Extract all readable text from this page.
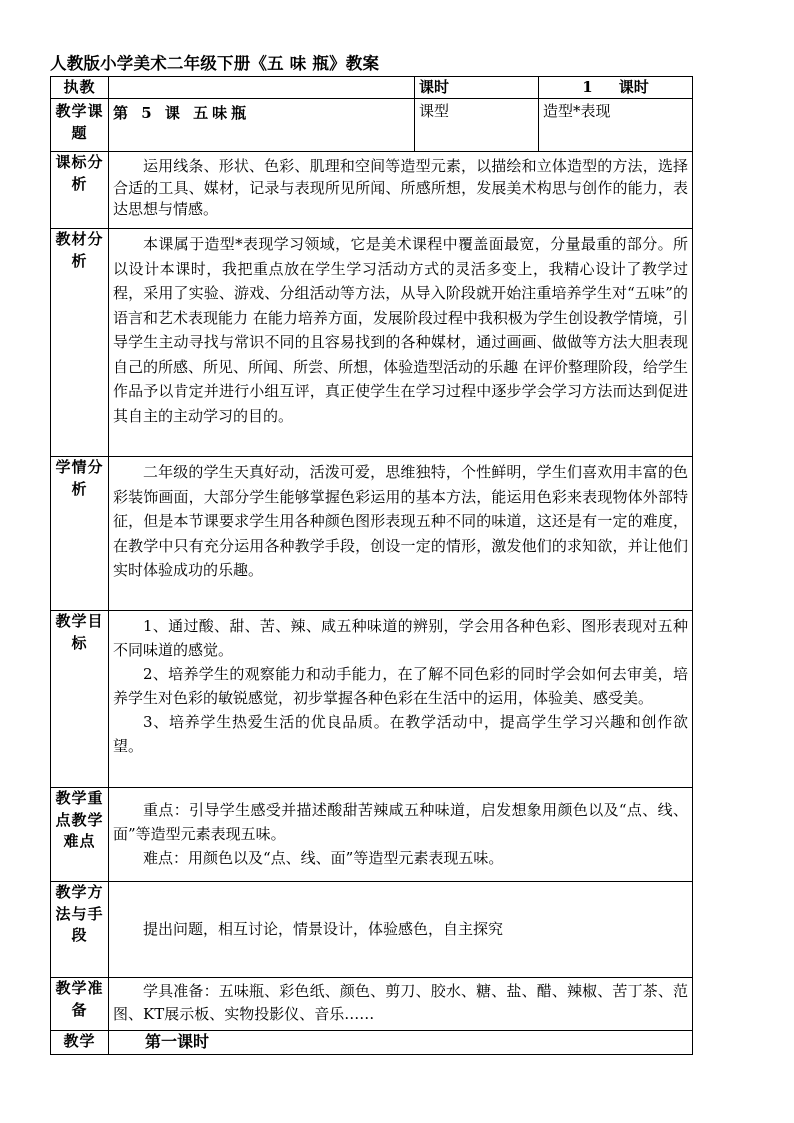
人教版小学美术二年级下册《五 味 瓶》教案
执教		课时	1 课时
教学课题	第 5 课 五味瓶	课型	造型*表现
课标分析	运用线条、形状、色彩、肌理和空间等造型元素，以描绘和立体造型的方法，选择合适的工具、媒材，记录与表现所见所闻、所感所想，发展美术构思与创作的能力，表达思想与情感。		

教材分析	本课属于造型*表现学习领域，它是美术课程中覆盖面最宽，分量最重的部分。所以设计本课时，我把重点放在学生学习活动方式的灵活多变上，我精心设计了教学过程，采用了实验、游戏、分组活动等方法，从导入阶段就开始注重培养学生对“五味”的语言和艺术表现能力 在能力培养方面，发展阶段过程中我积极为学生创设教学情境，引导学生主动寻找与常识不同的且容易找到的各种媒材，通过画画、做做等方法大胆表现自己的所感、所见、所闻、所尝、所想，体验造型活动的乐趣 在评价整理阶段，给学生作品予以肯定并进行小组互评，真正使学生在学习过程中逐步学会学习方法而达到促进其自主的主动学习的目的。		

学情分析	二年级的学生天真好动，活泼可爱，思维独特，个性鲜明，学生们喜欢用丰富的色彩装饰画面，大部分学生能够掌握色彩运用的基本方法，能运用色彩来表现物体外部特征，但是本节课要求学生用各种颜色图形表现五种不同的味道，这还是有一定的难度，在教学中只有充分运用各种教学手段，创设一定的情形，激发他们的求知欲，并让他们实时体验成功的乐趣。		

教学目标	1、通过酸、甜、苦、辣、咸五种味道的辨别，学会用各种色彩、图形表现对五种不同味道的感觉。

2、培养学生的观察能力和动手能力，在了解不同色彩的同时学会如何去审美，培养学生对色彩的敏锐感觉，初步掌握各种色彩在生活中的运用，体验美、感受美。

3、培养学生热爱生活的优良品质。在教学活动中，提高学生学习兴趣和创作欲望。		

教学重点教学难点	重点：引导学生感受并描述酸甜苦辣咸五种味道，启发想象用颜色以及“点、线、面”等造型元素表现五味。

难点：用颜色以及“点、线、面”等造型元素表现五味。		

教学方法与手段	提出问题，相互讨论，情景设计，体验感色，自主探究		

教学准备	学具准备：五味瓶、彩色纸、颜色、剪刀、胶水、糖、盐、醋、辣椒、苦丁茶、范图、KT展示板、实物投影仪、音乐……		

教学	第一课时		
